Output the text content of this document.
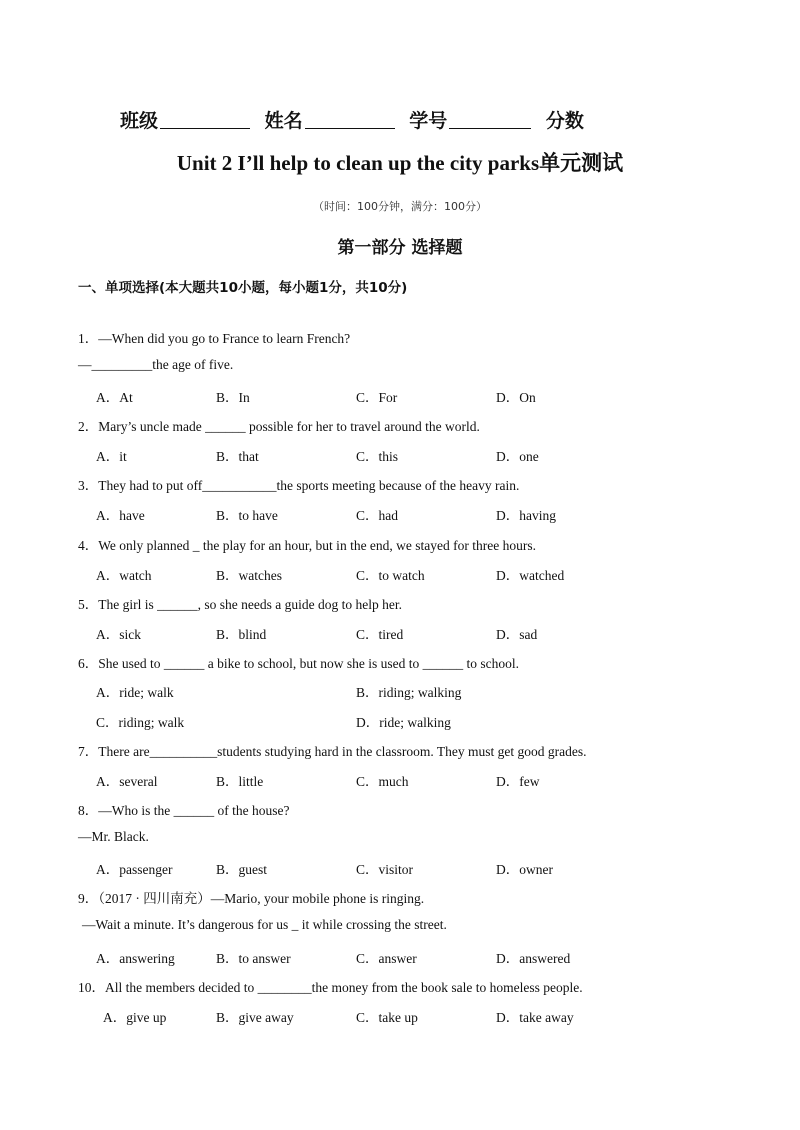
班级	姓名	学号	分数
Unit 2 I’ll help to clean up the city parks单元测试
（时间：100分钟，满分：100分）
第一部分 选择题
一、单项选择(本大题共10小题，每小题1分，共10分)
1．—When did you go to France to learn French?
—_________the age of five.
A．At	B．In	C．For	D．On
2．Mary’s uncle made ______ possible for her to travel around the world.
A．it	B．that	C．this	D．one
3．They had to put off___________the sports meeting because of the heavy rain.
A．have	B．to have	C．had	D．having
4．We only planned _ the play for an hour, but in the end, we stayed for three hours.
A．watch	B．watches	C．to watch	D．watched
5．The girl is ______, so she needs a guide dog to help her.
A．sick	B．blind	C．tired	D．sad
6．She used to ______ a bike to school, but now she is used to ______ to school.
A．ride; walk	B．riding; walking
C．riding; walk	D．ride; walking
7．There are__________students studying hard in the classroom. They must get good grades.
A．several	B．little	C．much	D．few
8．—Who is the ______ of the house?
—Mr. Black.
A．passenger	B．guest	C．visitor	D．owner
9．（2017 · 四川南充）—Mario, your mobile phone is ringing.
—Wait a minute. It’s dangerous for us _ it while crossing the street.
A．answering	B．to answer	C．answer	D．answered
10．All the members decided to ________the money from the book sale to homeless people.
A．give up	B．give away	C．take up	D．take away
